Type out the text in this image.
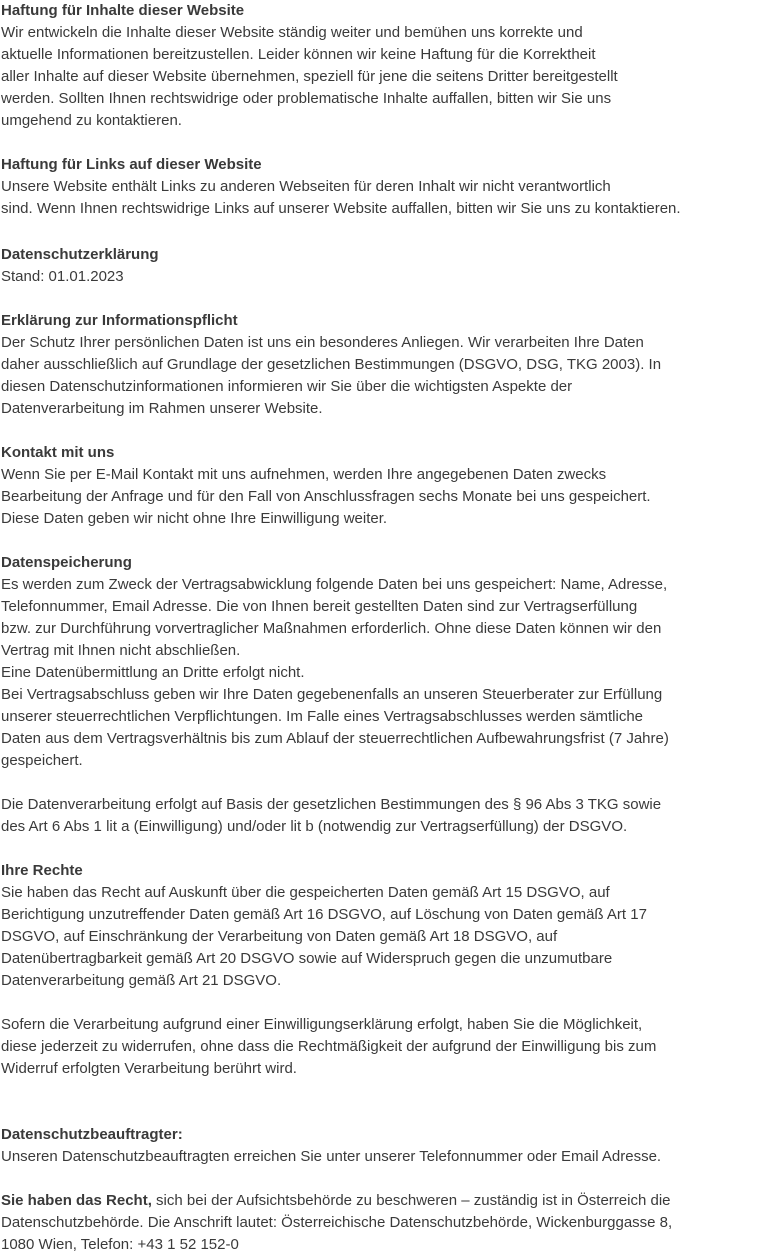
Haftung für Inhalte dieser Website
Wir entwickeln die Inhalte dieser Website ständig weiter und bemühen uns korrekte und
aktuelle Informationen bereitzustellen. Leider können wir keine Haftung für die Korrektheit
aller Inhalte auf dieser Website übernehmen, speziell für jene die seitens Dritter bereitgestellt
werden. Sollten Ihnen rechtswidrige oder problematische Inhalte auffallen, bitten wir Sie uns
umgehend zu kontaktieren.
Haftung für Links auf dieser Website
Unsere Website enthält Links zu anderen Webseiten für deren Inhalt wir nicht verantwortlich
sind. Wenn Ihnen rechtswidrige Links auf unserer Website auffallen, bitten wir Sie uns zu kontaktieren.
Datenschutzerklärung
Stand: 01.01.2023
Erklärung zur Informationspflicht
Der Schutz Ihrer persönlichen Daten ist uns ein besonderes Anliegen. Wir verarbeiten Ihre Daten
daher ausschließlich auf Grundlage der gesetzlichen Bestimmungen (DSGVO, DSG, TKG 2003). In
diesen Datenschutzinformationen informieren wir Sie über die wichtigsten Aspekte der
Datenverarbeitung im Rahmen unserer Website.
Kontakt mit uns
Wenn Sie per E-Mail Kontakt mit uns aufnehmen, werden Ihre angegebenen Daten zwecks
Bearbeitung der Anfrage und für den Fall von Anschlussfragen sechs Monate bei uns gespeichert.
Diese Daten geben wir nicht ohne Ihre Einwilligung weiter.
Datenspeicherung
Es werden zum Zweck der Vertragsabwicklung folgende Daten bei uns gespeichert: Name, Adresse,
Telefonnummer, Email Adresse. Die von Ihnen bereit gestellten Daten sind zur Vertragserfüllung
bzw. zur Durchführung vorvertraglicher Maßnahmen erforderlich. Ohne diese Daten können wir den
Vertrag mit Ihnen nicht abschließen.
Eine Datenübermittlung an Dritte erfolgt nicht.
Bei Vertragsabschluss geben wir Ihre Daten gegebenenfalls an unseren Steuerberater zur Erfüllung
unserer steuerrechtlichen Verpflichtungen. Im Falle eines Vertragsabschlusses werden sämtliche
Daten aus dem Vertragsverhältnis bis zum Ablauf der steuerrechtlichen Aufbewahrungsfrist (7 Jahre)
gespeichert.
Die Datenverarbeitung erfolgt auf Basis der gesetzlichen Bestimmungen des § 96 Abs 3 TKG sowie
des Art 6 Abs 1 lit a (Einwilligung) und/oder lit b (notwendig zur Vertragserfüllung) der DSGVO.
Ihre Rechte
Sie haben das Recht auf Auskunft über die gespeicherten Daten gemäß Art 15 DSGVO, auf
Berichtigung unzutreffender Daten gemäß Art 16 DSGVO, auf Löschung von Daten gemäß Art 17
DSGVO, auf Einschränkung der Verarbeitung von Daten gemäß Art 18 DSGVO, auf
Datenübertragbarkeit gemäß Art 20 DSGVO sowie auf Widerspruch gegen die unzumutbare
Datenverarbeitung gemäß Art 21 DSGVO.
Sofern die Verarbeitung aufgrund einer Einwilligungserklärung erfolgt, haben Sie die Möglichkeit,
diese jederzeit zu widerrufen, ohne dass die Rechtmäßigkeit der aufgrund der Einwilligung bis zum
Widerruf erfolgten Verarbeitung berührt wird.
Datenschutzbeauftragter:
Unseren Datenschutzbeauftragten erreichen Sie unter unserer Telefonnummer oder Email Adresse.
Sie haben das Recht, sich bei der Aufsichtsbehörde zu beschweren – zuständig ist in Österreich die
Datenschutzbehörde. Die Anschrift lautet: Österreichische Datenschutzbehörde, Wickenburggasse 8,
1080 Wien, Telefon: +43 1 52 152-0
